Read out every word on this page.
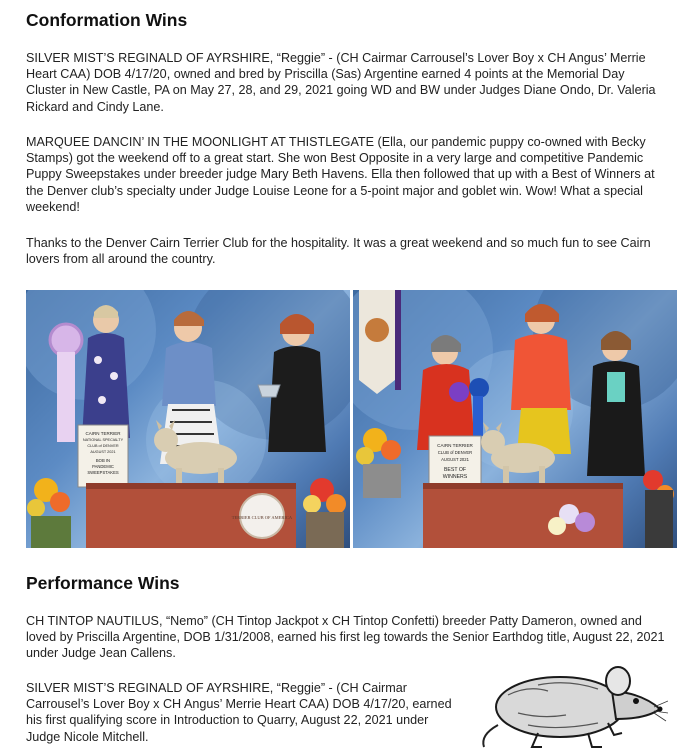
Conformation Wins

SILVER MIST’S REGINALD OF AYRSHIRE, “Reggie” - (CH Cairmar Carrousel’s Lover Boy x CH Angus’ Merrie Heart CAA) DOB 4/17/20, owned and bred by Priscilla (Sas) Argentine earned 4 points at the Memorial Day Cluster in New Castle, PA on May 27, 28, and 29, 2021 going WD and BW under Judges Diane Ondo, Dr. Valeria Rickard and Cindy Lane.

MARQUEE DANCIN’ IN THE MOONLIGHT AT THISTLEGATE (Ella, our pandemic puppy co-owned with Becky Stamps) got the weekend off to a great start. She won Best Opposite in a very large and competitive Pandemic Puppy Sweepstakes under breeder judge Mary Beth Havens. Ella then followed that up with a Best of Winners at the Denver club’s specialty under Judge Louise Leone for a 5-point major and goblet win. Wow! What a special weekend!

Thanks to the Denver Cairn Terrier Club for the hospitality. It was a great weekend and so much fun to see Cairn lovers from all around the country.

CAIRN TERRIER
NATIONAL SPECIALTY
CLUB of DENVER
AUGUST 2021
BOB IN
PANDEMIC
SWEEPSTAKES
TERRIER CLUB OF AMERICA
CAIRN TERRIER
CLUB of DENVER
AUGUST 2021
BEST OF
WINNERS
Performance Wins

CH TINTOP NAUTILUS, “Nemo” (CH Tintop Jackpot x CH Tintop Confetti) breeder Patty Dameron, owned and loved by Priscilla Argentine, DOB 1/31/2008, earned his first leg towards the Senior Earthdog title, August 22, 2021 under Judge Jean Callens.

SILVER MIST’S REGINALD OF AYRSHIRE, “Reggie” - (CH Cairmar Carrousel’s Lover Boy x CH Angus’ Merrie Heart CAA) DOB 4/17/20, earned his first qualifying score in Introduction to Quarry, August 22, 2021 under Judge Nicole Mitchell.
